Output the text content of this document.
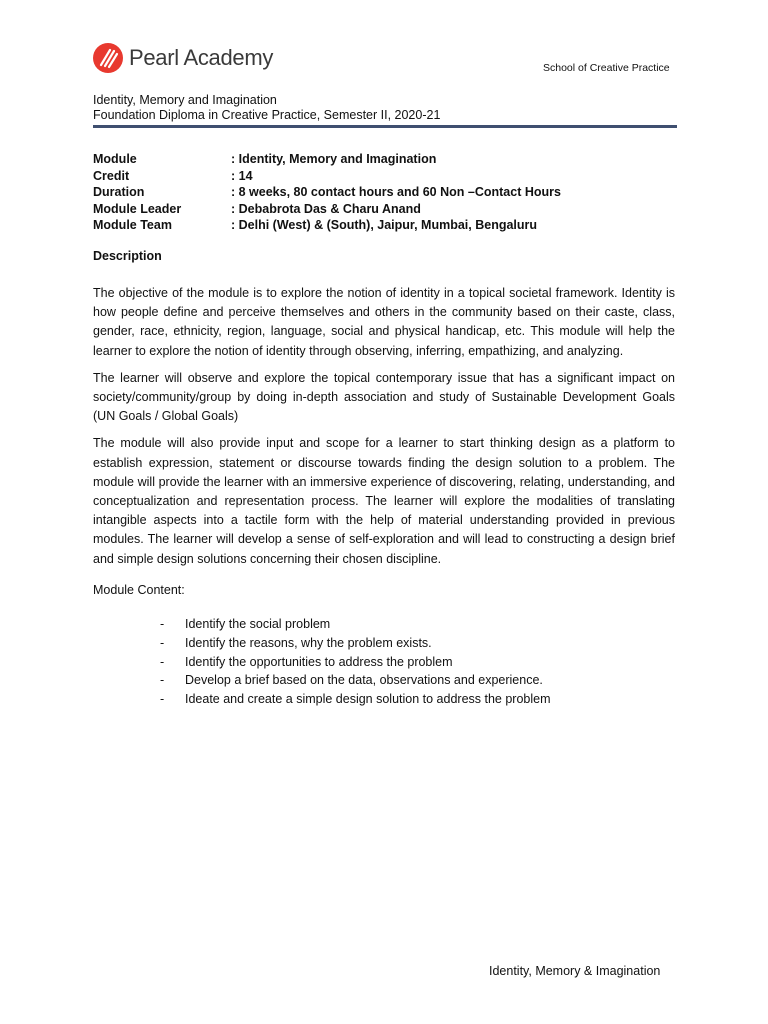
Pearl Academy	School of Creative Practice
Identity, Memory and Imagination
Foundation Diploma in Creative Practice, Semester II, 2020-21
Module	: Identity, Memory and Imagination
Credit	: 14
Duration	: 8 weeks, 80 contact hours and 60 Non –Contact Hours
Module Leader	: Debabrota Das & Charu Anand
Module Team	: Delhi (West) & (South), Jaipur, Mumbai, Bengaluru
Description

The objective of the module is to explore the notion of identity in a topical societal framework. Identity is how people define and perceive themselves and others in the community based on their caste, class, gender, race, ethnicity, region, language, social and physical handicap, etc. This module will help the learner to explore the notion of identity through observing, inferring, empathizing, and analyzing.

The learner will observe and explore the topical contemporary issue that has a significant impact on society/community/group by doing in-depth association and study of Sustainable Development Goals (UN Goals / Global Goals)

The module will also provide input and scope for a learner to start thinking design as a platform to establish expression, statement or discourse towards finding the design solution to a problem. The module will provide the learner with an immersive experience of discovering, relating, understanding, and conceptualization and representation process. The learner will explore the modalities of translating intangible aspects into a tactile form with the help of material understanding provided in previous modules. The learner will develop a sense of self-exploration and will lead to constructing a design brief and simple design solutions concerning their chosen discipline.

Module Content:
-	Identify the social problem
-	Identify the reasons, why the problem exists.
-	Identify the opportunities to address the problem
-	Develop a brief based on the data, observations and experience.
-	Ideate and create a simple design solution to address the problem
Identity, Memory & Imagination
